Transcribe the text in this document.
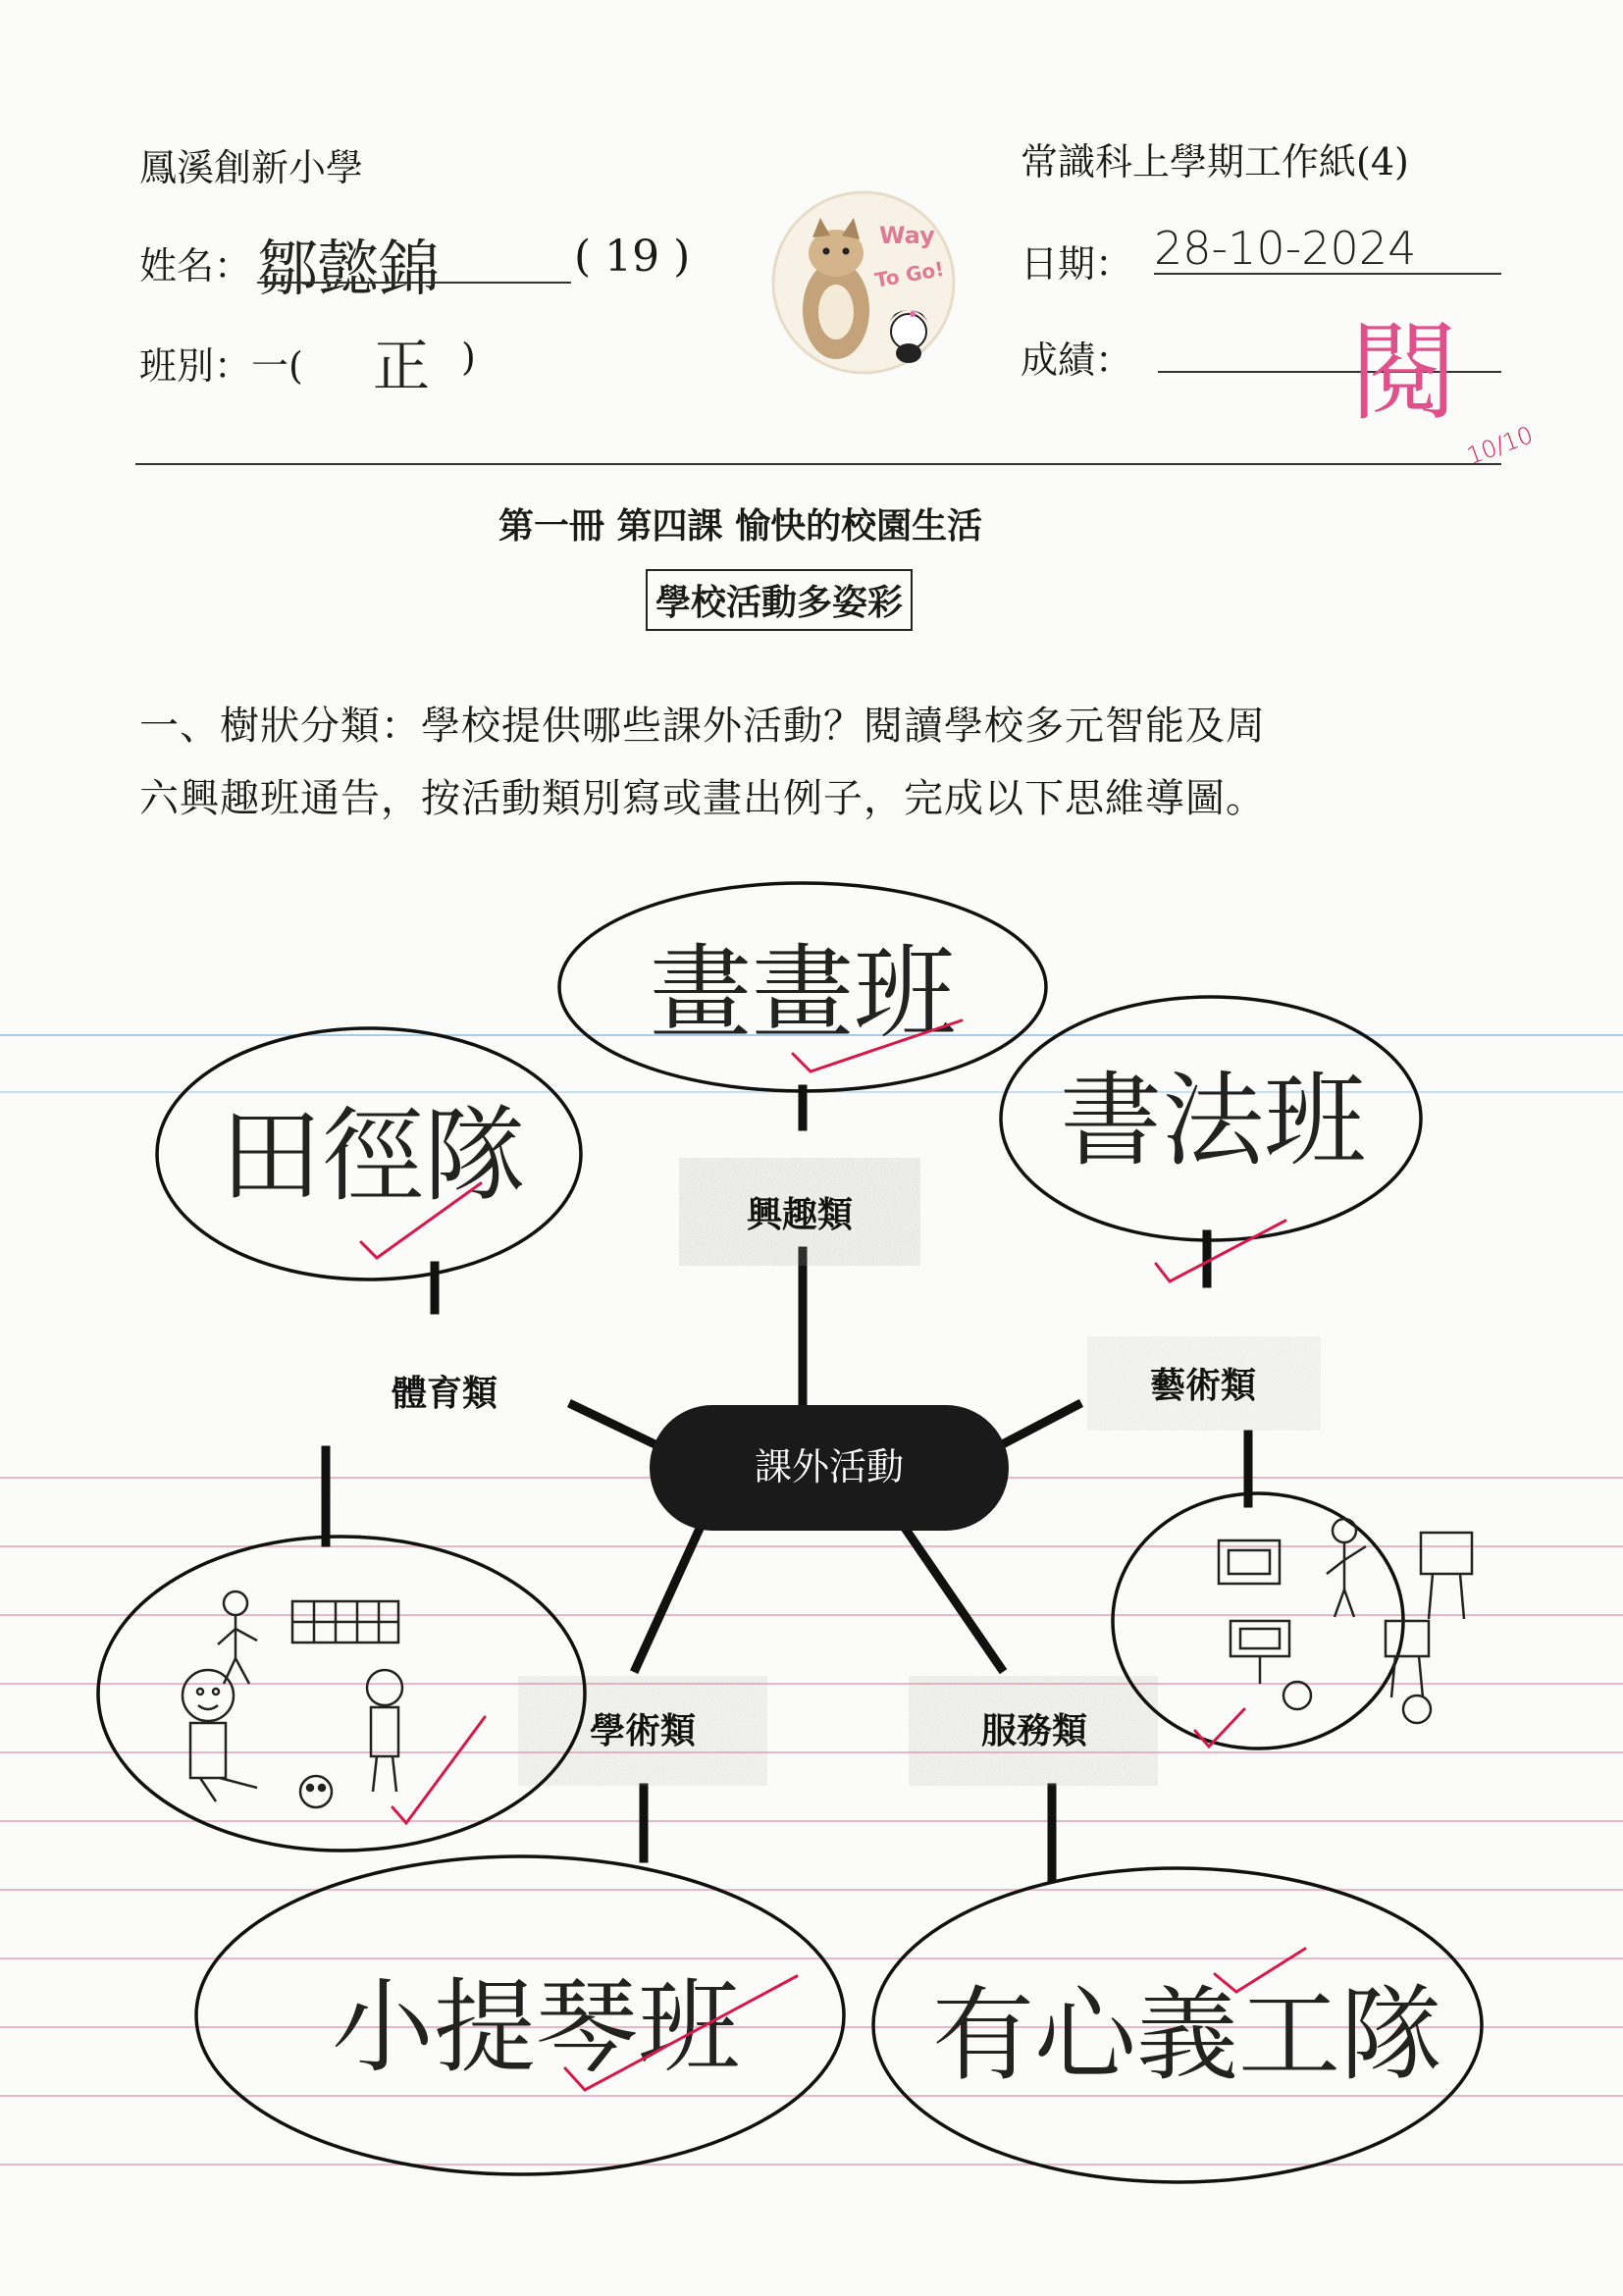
鳳溪創新小學	常識科上學期工作紙(4)
姓名： 鄒懿錦	( 19 )	日期： 28-10-2024
班別：一( 正 )	成績： 閱
10/10
Way
To Go!
第一冊 第四課 愉快的校園生活
學校活動多姿彩
一、樹狀分類：學校提供哪些課外活動？閱讀學校多元智能及周
六興趣班通告，按活動類別寫或畫出例子，完成以下思維導圖。
課外活動
興趣類
體育類	藝術類
學術類	服務類
畫畫班
田徑隊	書法班
小提琴班 有心義工隊
